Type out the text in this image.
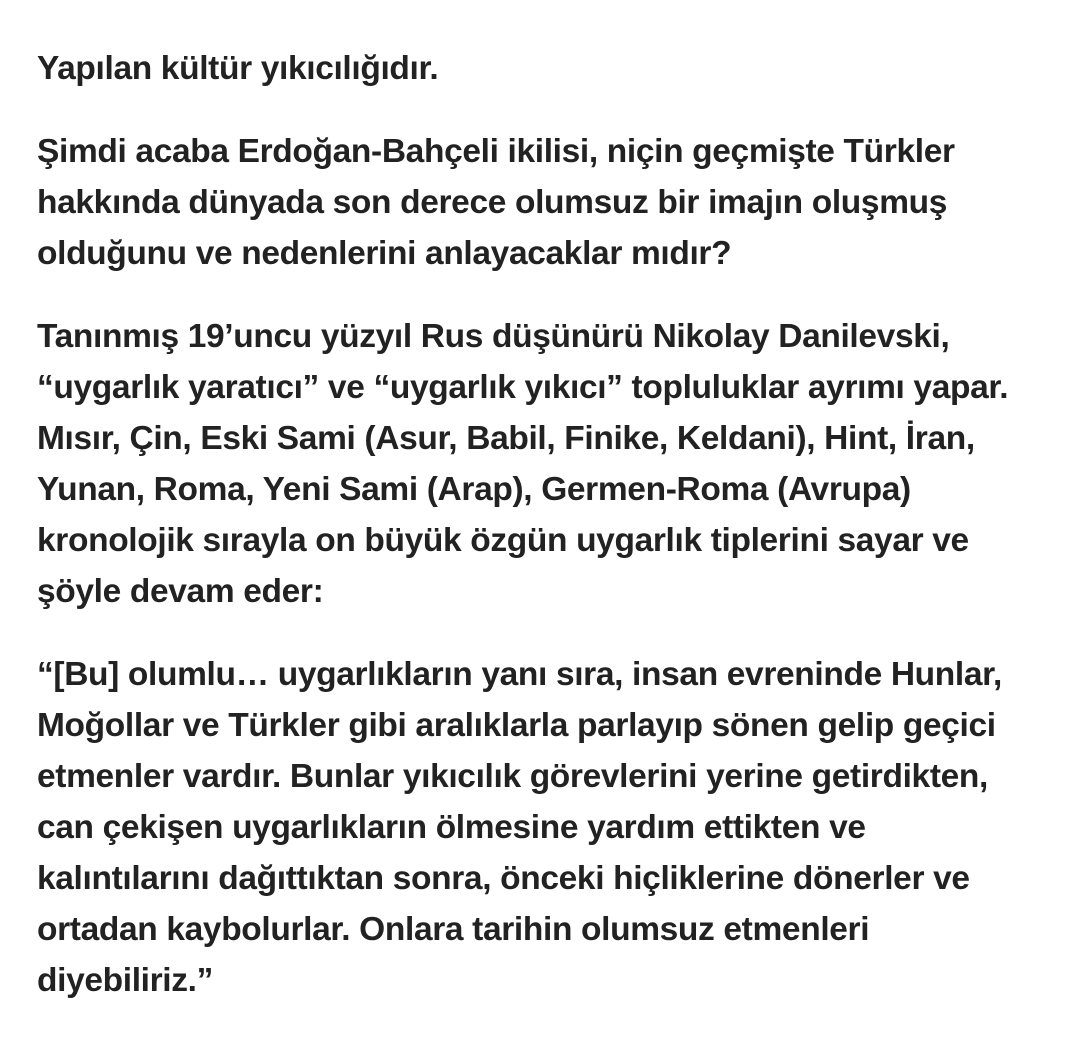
Yapılan kültür yıkıcılığıdır.

Şimdi acaba Erdoğan-Bahçeli ikilisi, niçin geçmişte Türkler
hakkında dünyada son derece olumsuz bir imajın oluşmuş
olduğunu ve nedenlerini anlayacaklar mıdır?

Tanınmış 19’uncu yüzyıl Rus düşünürü Nikolay Danilevski,
“uygarlık yaratıcı” ve “uygarlık yıkıcı” topluluklar ayrımı yapar.
Mısır, Çin, Eski Sami (Asur, Babil, Finike, Keldani), Hint, İran,
Yunan, Roma, Yeni Sami (Arap), Germen-Roma (Avrupa)
kronolojik sırayla on büyük özgün uygarlık tiplerini sayar ve
şöyle devam eder:

“[Bu] olumlu… uygarlıkların yanı sıra, insan evreninde Hunlar,
Moğollar ve Türkler gibi aralıklarla parlayıp sönen gelip geçici
etmenler vardır. Bunlar yıkıcılık görevlerini yerine getirdikten,
can çekişen uygarlıkların ölmesine yardım ettikten ve
kalıntılarını dağıttıktan sonra, önceki hiçliklerine dönerler ve
ortadan kaybolurlar. Onlara tarihin olumsuz etmenleri
diyebiliriz.”
